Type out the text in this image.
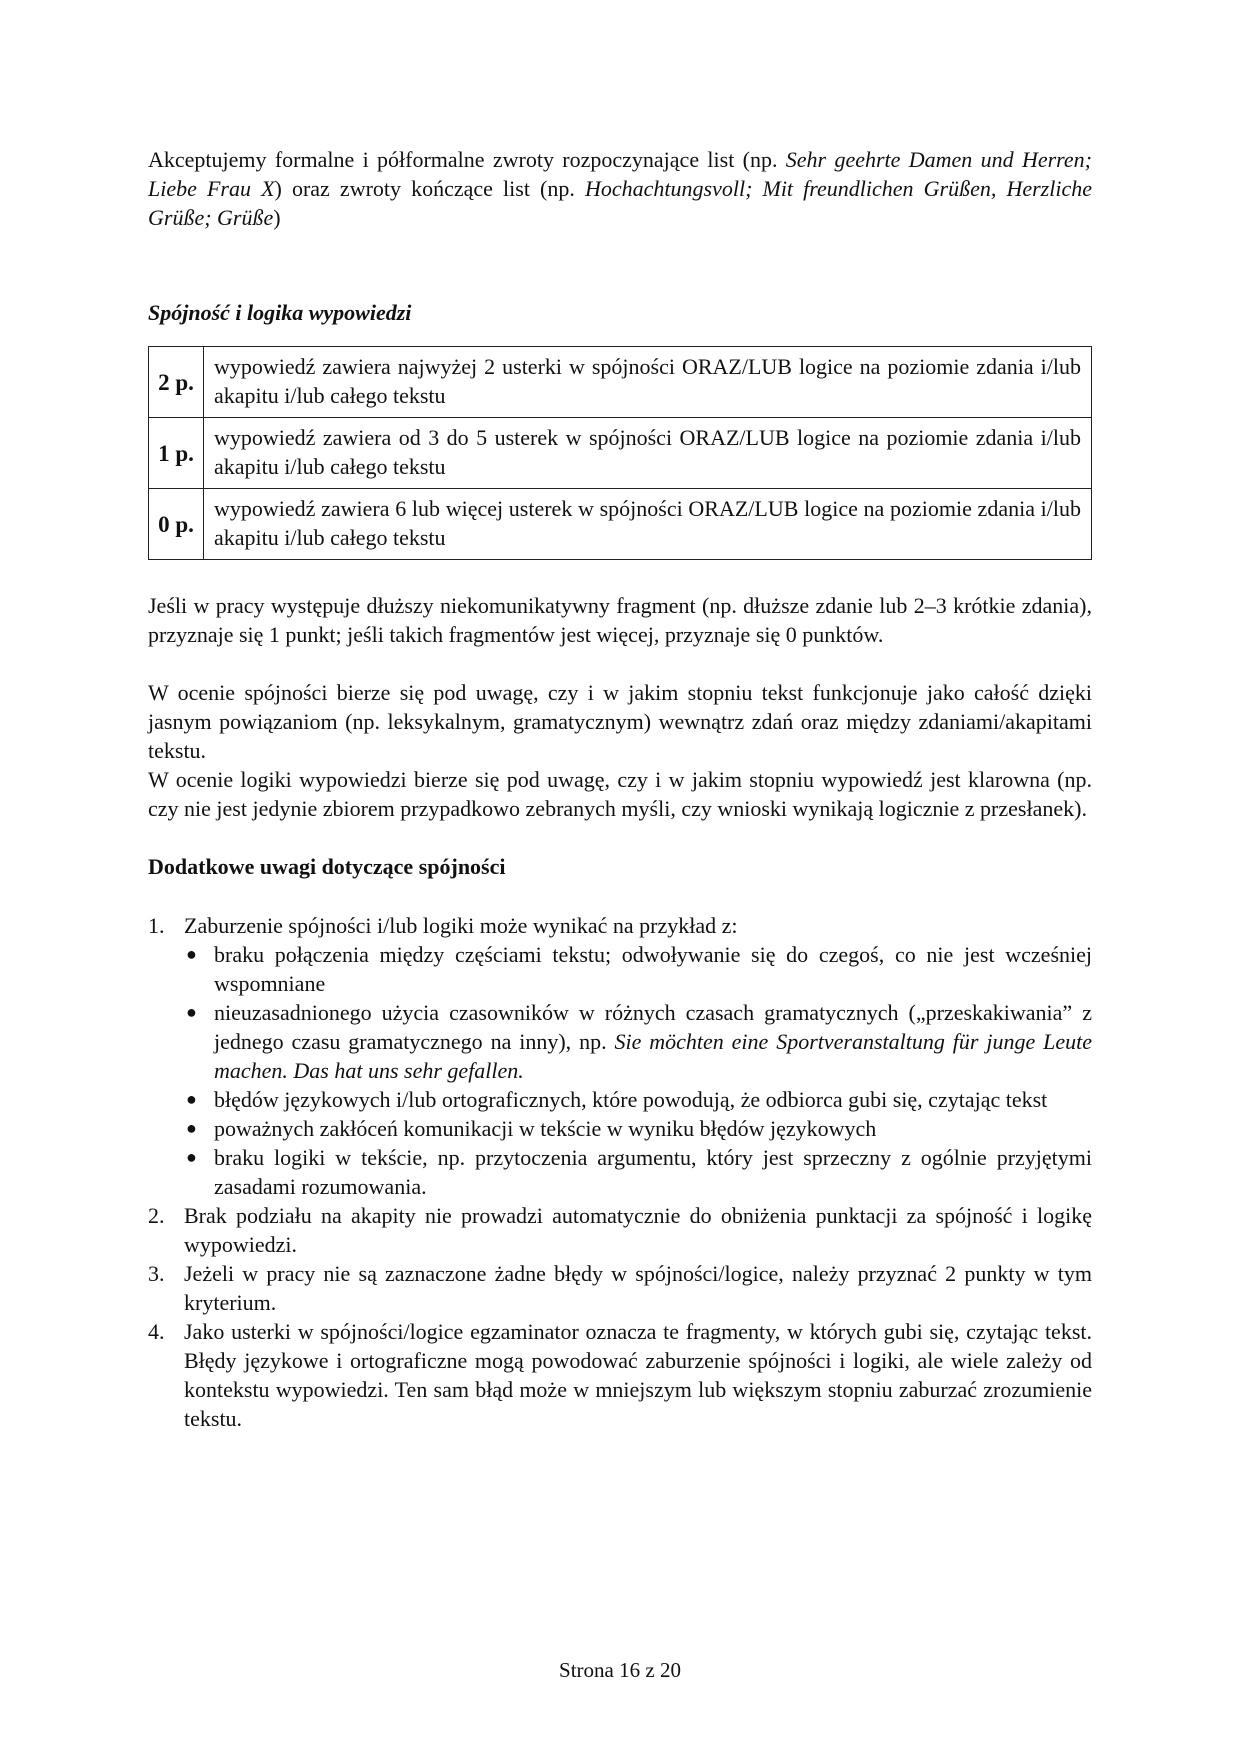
Akceptujemy formalne i półformalne zwroty rozpoczynające list (np. Sehr geehrte Damen und Herren; Liebe Frau X) oraz zwroty kończące list (np. Hochachtungsvoll; Mit freundlichen Grüßen, Herzliche Grüße; Grüße)

Spójność i logika wypowiedzi

2 p.	wypowiedź zawiera najwyżej 2 usterki w spójności ORAZ/LUB logice na poziomie zdania i/lub akapitu i/lub całego tekstu
1 p.	wypowiedź zawiera od 3 do 5 usterek w spójności ORAZ/LUB logice na poziomie zdania i/lub akapitu i/lub całego tekstu
0 p.	wypowiedź zawiera 6 lub więcej usterek w spójności ORAZ/LUB logice na poziomie zdania i/lub akapitu i/lub całego tekstu

Jeśli w pracy występuje dłuższy niekomunikatywny fragment (np. dłuższe zdanie lub 2–3 krótkie zdania), przyznaje się 1 punkt; jeśli takich fragmentów jest więcej, przyznaje się 0 punktów.

W ocenie spójności bierze się pod uwagę, czy i w jakim stopniu tekst funkcjonuje jako całość dzięki jasnym powiązaniom (np. leksykalnym, gramatycznym) wewnątrz zdań oraz między zdaniami/akapitami tekstu.

W ocenie logiki wypowiedzi bierze się pod uwagę, czy i w jakim stopniu wypowiedź jest klarowna (np. czy nie jest jedynie zbiorem przypadkowo zebranych myśli, czy wnioski wynikają logicznie z przesłanek).

Dodatkowe uwagi dotyczące spójności

1. Zaburzenie spójności i/lub logiki może wynikać na przykład z:
● braku połączenia między częściami tekstu; odwoływanie się do czegoś, co nie jest wcześniej wspomniane
● nieuzasadnionego użycia czasowników w różnych czasach gramatycznych („przeskakiwania” z jednego czasu gramatycznego na inny), np. Sie möchten eine Sportveranstaltung für junge Leute machen. Das hat uns sehr gefallen.
● błędów językowych i/lub ortograficznych, które powodują, że odbiorca gubi się, czytając tekst
● poważnych zakłóceń komunikacji w tekście w wyniku błędów językowych
● braku logiki w tekście, np. przytoczenia argumentu, który jest sprzeczny z ogólnie przyjętymi zasadami rozumowania.
2. Brak podziału na akapity nie prowadzi automatycznie do obniżenia punktacji za spójność i logikę wypowiedzi.
3. Jeżeli w pracy nie są zaznaczone żadne błędy w spójności/logice, należy przyznać 2 punkty w tym kryterium.
4. Jako usterki w spójności/logice egzaminator oznacza te fragmenty, w których gubi się, czytając tekst. Błędy językowe i ortograficzne mogą powodować zaburzenie spójności i logiki, ale wiele zależy od kontekstu wypowiedzi. Ten sam błąd może w mniejszym lub większym stopniu zaburzać zrozumienie tekstu.
Strona 16 z 20
